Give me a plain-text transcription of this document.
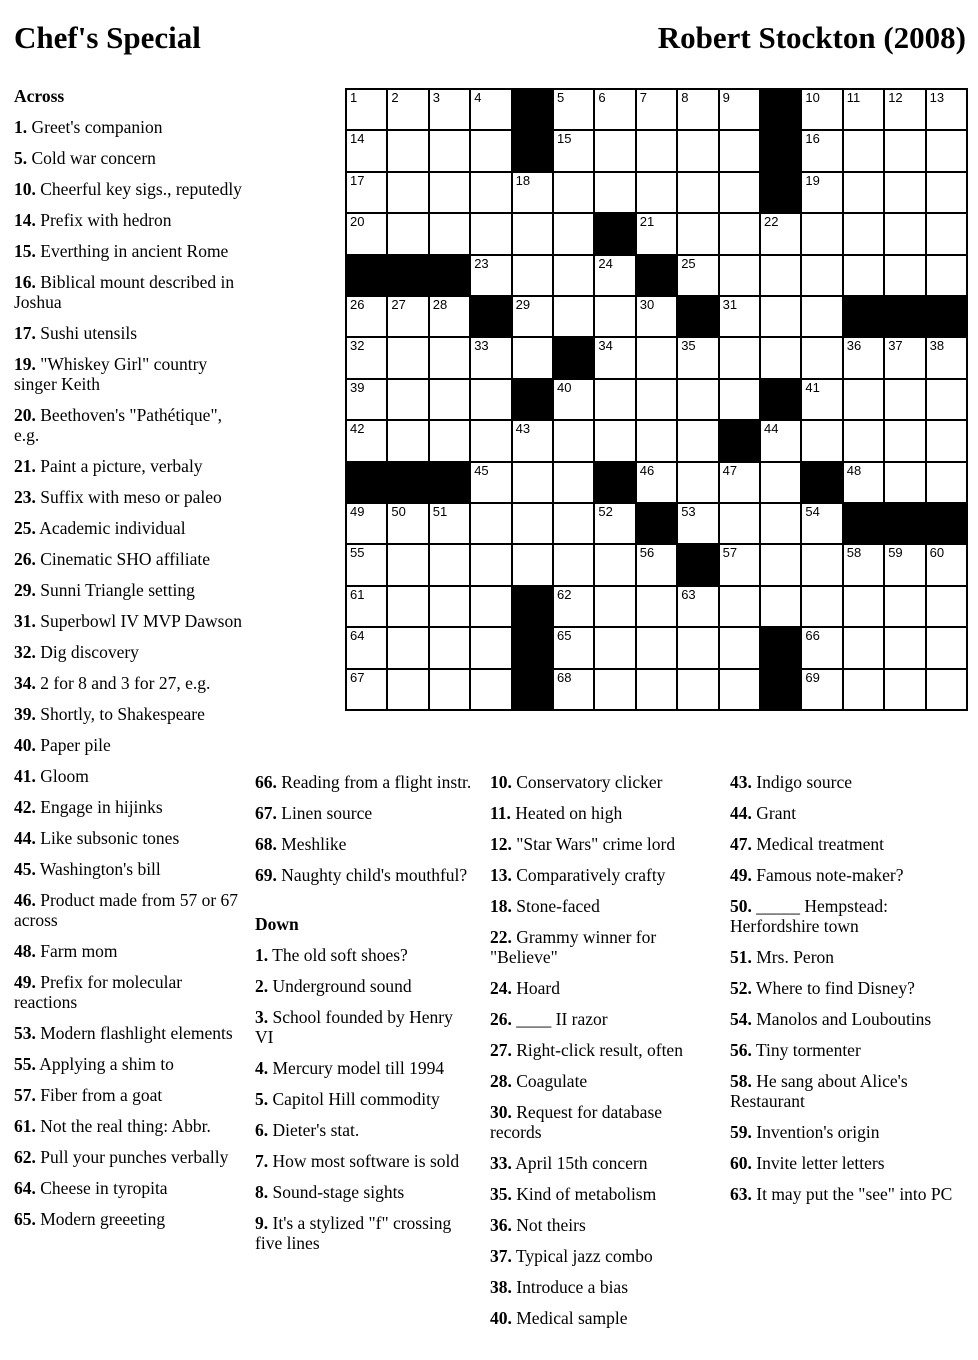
Chef's Special	Robert Stockton (2008)
1	2	3	4	5	6	7	8	9	10 11 12 13
14	15	16
17	18	19
20	21	22
23	24	25
26 27 28	29	30	31
32	33	34	35	36 37 38
39	40	41
42	43	44
45	46	47	48
49 50 51	52	53	54
55	56	57	58 59 60
61	62	63
64	65	66
67	68	69
Across
1. Greet's companion
5. Cold war concern
10. Cheerful key sigs., reputedly
14. Prefix with hedron
15. Everthing in ancient Rome
16. Biblical mount described in Joshua
17. Sushi utensils
19. "Whiskey Girl" country singer Keith
20. Beethoven's "Pathétique", e.g.
21. Paint a picture, verbaly
23. Suffix with meso or paleo
25. Academic individual
26. Cinematic SHO affiliate
29. Sunni Triangle setting
31. Superbowl IV MVP Dawson
32. Dig discovery
34. 2 for 8 and 3 for 27, e.g.
39. Shortly, to Shakespeare
40. Paper pile
41. Gloom
42. Engage in hijinks
44. Like subsonic tones
45. Washington's bill
46. Product made from 57 or 67 across
48. Farm mom
49. Prefix for molecular reactions
53. Modern flashlight elements
55. Applying a shim to
57. Fiber from a goat
61. Not the real thing: Abbr.
62. Pull your punches verbally
64. Cheese in tyropita
65. Modern greeeting
66. Reading from a flight instr.
67. Linen source
68. Meshlike
69. Naughty child's mouthful?
Down
1. The old soft shoes?
2. Underground sound
3. School founded by Henry VI
4. Mercury model till 1994
5. Capitol Hill commodity
6. Dieter's stat.
7. How most software is sold
8. Sound-stage sights
9. It's a stylized "f" crossing five lines
10. Conservatory clicker
11. Heated on high
12. "Star Wars" crime lord
13. Comparatively crafty
18. Stone-faced
22. Grammy winner for "Believe"
24. Hoard
26. ____ II razor
27. Right-click result, often
28. Coagulate
30. Request for database records
33. April 15th concern
35. Kind of metabolism
36. Not theirs
37. Typical jazz combo
38. Introduce a bias
40. Medical sample
43. Indigo source
44. Grant
47. Medical treatment
49. Famous note-maker?
50. _____ Hempstead: Herfordshire town
51. Mrs. Peron
52. Where to find Disney?
54. Manolos and Louboutins
56. Tiny tormenter
58. He sang about Alice's Restaurant
59. Invention's origin
60. Invite letter letters
63. It may put the "see" into PC
